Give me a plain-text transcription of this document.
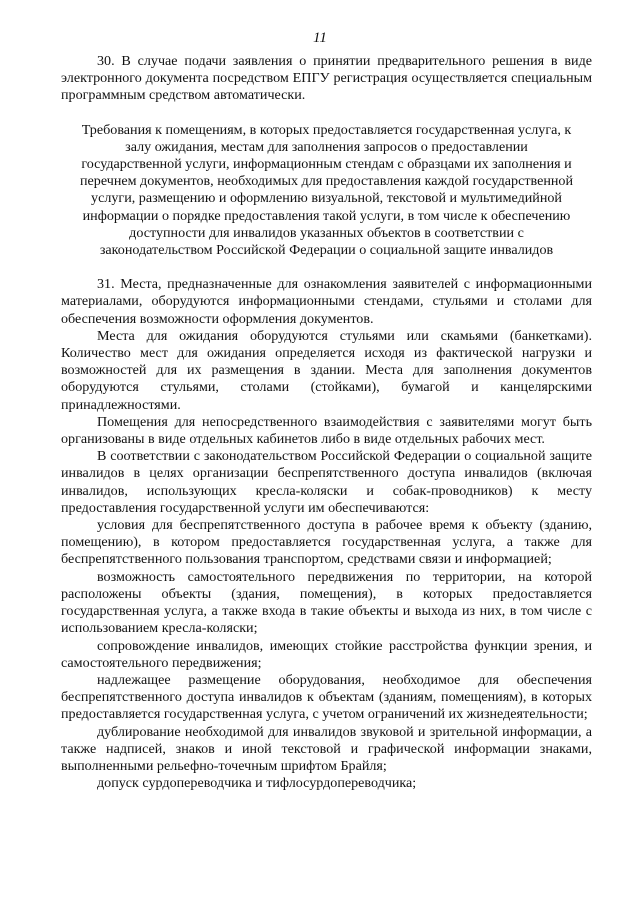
11

30. В случае подачи заявления о принятии предварительного решения в виде электронного документа посредством ЕПГУ регистрация осуществляется специальным программным средством автоматически.

Требования к помещениям, в которых предоставляется государственная услуга, к залу ожидания, местам для заполнения запросов о предоставлении государственной услуги, информационным стендам с образцами их заполнения и перечнем документов, необходимых для предоставления каждой государственной услуги, размещению и оформлению визуальной, текстовой и мультимедийной информации о порядке предоставления такой услуги, в том числе к обеспечению доступности для инвалидов указанных объектов в соответствии с законодательством Российской Федерации о социальной защите инвалидов

31. Места, предназначенные для ознакомления заявителей с информационными материалами, оборудуются информационными стендами, стульями и столами для обеспечения возможности оформления документов.

Места для ожидания оборудуются стульями или скамьями (банкетками). Количество мест для ожидания определяется исходя из фактической нагрузки и возможностей для их размещения в здании. Места для заполнения документов оборудуются стульями, столами (стойками), бумагой и канцелярскими принадлежностями.

Помещения для непосредственного взаимодействия с заявителями могут быть организованы в виде отдельных кабинетов либо в виде отдельных рабочих мест.

В соответствии с законодательством Российской Федерации о социальной защите инвалидов в целях организации беспрепятственного доступа инвалидов (включая инвалидов, использующих кресла-коляски и собак-проводников) к месту предоставления государственной услуги им обеспечиваются:

условия для беспрепятственного доступа в рабочее время к объекту (зданию, помещению), в котором предоставляется государственная услуга, а также для беспрепятственного пользования транспортом, средствами связи и информацией;

возможность самостоятельного передвижения по территории, на которой расположены объекты (здания, помещения), в которых предоставляется государственная услуга, а также входа в такие объекты и выхода из них, в том числе с использованием кресла-коляски;

сопровождение инвалидов, имеющих стойкие расстройства функции зрения, и самостоятельного передвижения;

надлежащее размещение оборудования, необходимое для обеспечения беспрепятственного доступа инвалидов к объектам (зданиям, помещениям), в которых предоставляется государственная услуга, с учетом ограничений их жизнедеятельности;

дублирование необходимой для инвалидов звуковой и зрительной информации, а также надписей, знаков и иной текстовой и графической информации знаками, выполненными рельефно-точечным шрифтом Брайля;

допуск сурдопереводчика и тифлосурдопереводчика;
